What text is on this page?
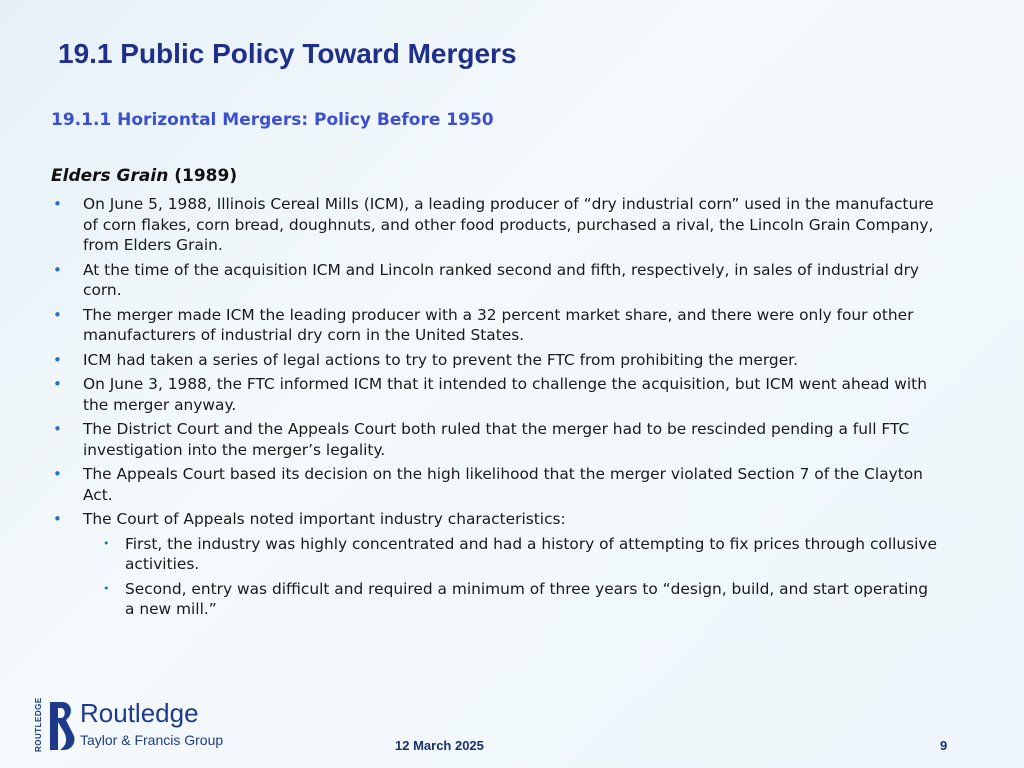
19.1 Public Policy Toward Mergers
19.1.1 Horizontal Mergers: Policy Before 1950

Elders Grain (1989)

• On June 5, 1988, Illinois Cereal Mills (ICM), a leading producer of “dry industrial corn” used in the manufacture of corn flakes, corn bread, doughnuts, and other food products, purchased a rival, the Lincoln Grain Company, from Elders Grain.
• At the time of the acquisition ICM and Lincoln ranked second and fifth, respectively, in sales of industrial dry corn.
• The merger made ICM the leading producer with a 32 percent market share, and there were only four other manufacturers of industrial dry corn in the United States.
• ICM had taken a series of legal actions to try to prevent the FTC from prohibiting the merger.
• On June 3, 1988, the FTC informed ICM that it intended to challenge the acquisition, but ICM went ahead with the merger anyway.
• The District Court and the Appeals Court both ruled that the merger had to be rescinded pending a full FTC investigation into the merger’s legality.
• The Appeals Court based its decision on the high likelihood that the merger violated Section 7 of the Clayton Act.
• The Court of Appeals noted important industry characteristics:
• First, the industry was highly concentrated and had a history of attempting to fix prices through collusive activities.
• Second, entry was difficult and required a minimum of three years to “design, build, and start operating a new mill.”
ROUTLEDGE Routledge
Taylor & Francis Group	12 March 2025	9
